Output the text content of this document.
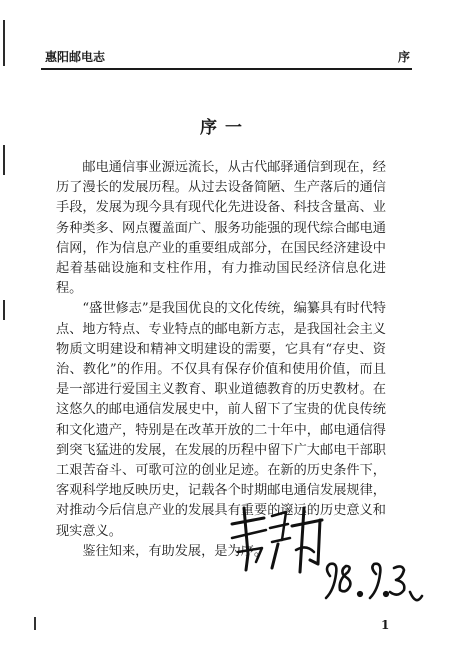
惠阳邮电志	序
序一

邮电通信事业源远流长，从古代邮驿通信到现在，经历了漫长的发展历程。从过去设备简陋、生产落后的通信手段，发展为现今具有现代化先进设备、科技含量高、业务种类多、网点覆盖面广、服务功能强的现代综合邮电通信网，作为信息产业的重要组成部分，在国民经济建设中起着基础设施和支柱作用，有力推动国民经济信息化进程。

“盛世修志”是我国优良的文化传统，编纂具有时代特点、地方特点、专业特点的邮电新方志，是我国社会主义物质文明建设和精神文明建设的需要，它具有“存史、资治、教化”的作用。不仅具有保存价值和使用价值，而且是一部进行爱国主义教育、职业道德教育的历史教材。在这悠久的邮电通信发展史中，前人留下了宝贵的优良传统和文化遗产，特别是在改革开放的二十年中，邮电通信得到突飞猛进的发展，在发展的历程中留下广大邮电干部职工艰苦奋斗、可歌可泣的创业足迹。在新的历史条件下，客观科学地反映历史，记载各个时期邮电通信发展规律，对推动今后信息产业的发展具有重要的邃远的历史意义和现实意义。

鉴往知来，有助发展，是为序。

1
